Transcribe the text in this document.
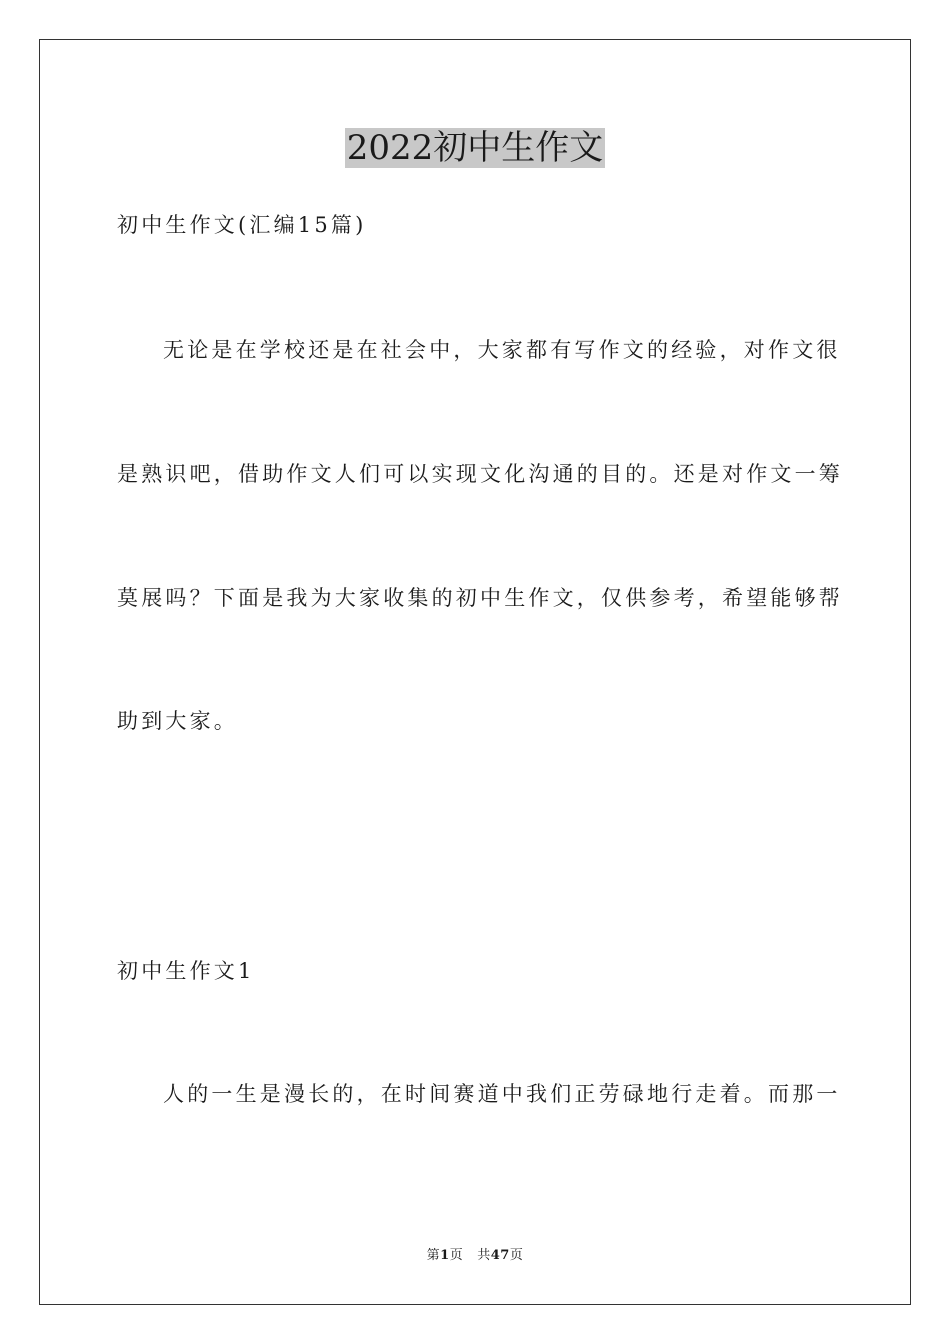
2022初中生作文
初中生作文(汇编15篇)
无论是在学校还是在社会中，大家都有写作文的经验，对作文很
是熟识吧，借助作文人们可以实现文化沟通的目的。还是对作文一筹
莫展吗？下面是我为大家收集的初中生作文，仅供参考，希望能够帮
助到大家。
初中生作文1
人的一生是漫长的，在时间赛道中我们正劳碌地行走着。而那一
第1页 共47页
